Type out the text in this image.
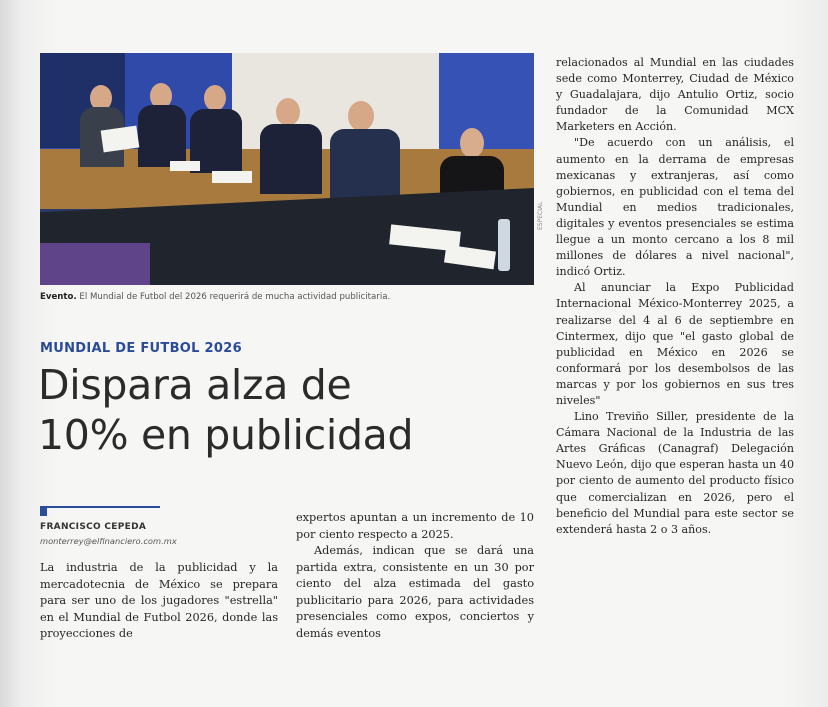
ESPECIAL
Evento. El Mundial de Futbol del 2026 requerirá de mucha actividad publicitaria.
MUNDIAL DE FUTBOL 2026
Dispara alza de
10% en publicidad
FRANCISCO CEPEDA
monterrey@elfinanciero.com.mx

La industria de la publicidad y la mercadotecnia de México se prepara para ser uno de los jugadores "estrella" en el Mundial de Futbol 2026, donde las proyecciones de

expertos apuntan a un incremento de 10 por ciento respecto a 2025.

Además, indican que se dará una partida extra, consistente en un 30 por ciento del alza estimada del gasto publicitario para 2026, para actividades presenciales como expos, conciertos y demás eventos

relacionados al Mundial en las ciudades sede como Monterrey, Ciudad de México y Guadalajara, dijo Antulio Ortiz, socio fundador de la Comunidad MCX Marketers en Acción.

"De acuerdo con un análisis, el aumento en la derrama de empresas mexicanas y extranjeras, así como gobiernos, en publicidad con el tema del Mundial en medios tradicionales, digitales y eventos presenciales se estima llegue a un monto cercano a los 8 mil millones de dólares a nivel nacional", indicó Ortiz.

Al anunciar la Expo Publicidad Internacional México-Monterrey 2025, a realizarse del 4 al 6 de septiembre en Cintermex, dijo que "el gasto global de publicidad en México en 2026 se conformará por los desembolsos de las marcas y por los gobiernos en sus tres niveles"

Lino Treviño Siller, presidente de la Cámara Nacional de la Industria de las Artes Gráficas (Canagraf) Delegación Nuevo León, dijo que esperan hasta un 40 por ciento de aumento del producto físico que comercializan en 2026, pero el beneficio del Mundial para este sector se extenderá hasta 2 o 3 años.
